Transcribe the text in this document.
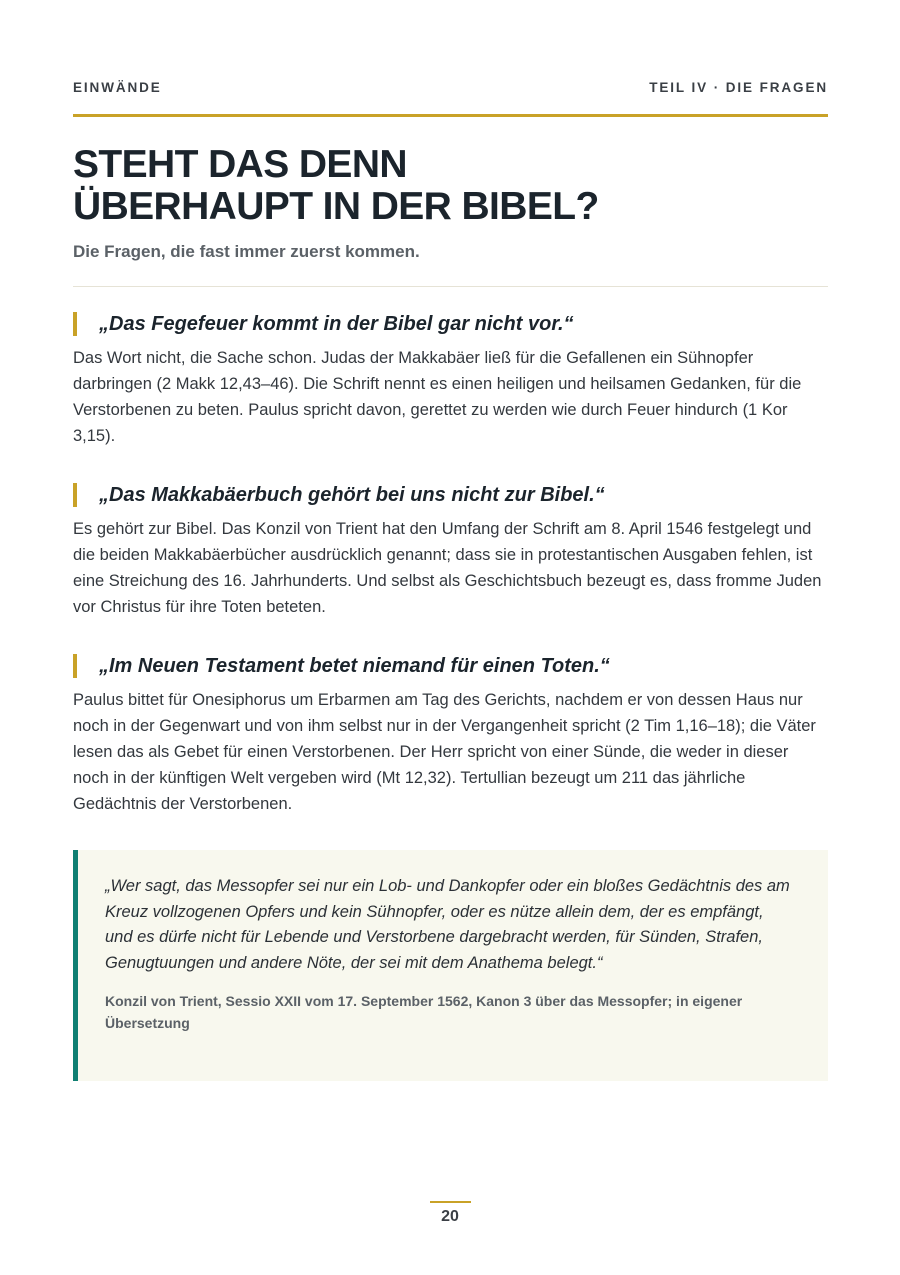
EINWÄNDE	TEIL IV · DIE FRAGEN
STEHT DAS DENN
ÜBERHAUPT IN DER BIBEL?

Die Fragen, die fast immer zuerst kommen.

„Das Fegefeuer kommt in der Bibel gar nicht vor.“

Das Wort nicht, die Sache schon. Judas der Makkabäer ließ für die Gefallenen ein Sühnopfer darbringen (2 Makk 12,43–46). Die Schrift nennt es einen heiligen und heilsamen Gedanken, für die Verstorbenen zu beten. Paulus spricht davon, gerettet zu werden wie durch Feuer hindurch (1 Kor 3,15).

„Das Makkabäerbuch gehört bei uns nicht zur Bibel.“

Es gehört zur Bibel. Das Konzil von Trient hat den Umfang der Schrift am 8. April 1546 festgelegt und die beiden Makkabäerbücher ausdrücklich genannt; dass sie in protestantischen Ausgaben fehlen, ist eine Streichung des 16. Jahrhunderts. Und selbst als Geschichtsbuch bezeugt es, dass fromme Juden vor Christus für ihre Toten beteten.

„Im Neuen Testament betet niemand für einen Toten.“

Paulus bittet für Onesiphorus um Erbarmen am Tag des Gerichts, nachdem er von dessen Haus nur noch in der Gegenwart und von ihm selbst nur in der Vergangenheit spricht (2 Tim 1,16–18); die Väter lesen das als Gebet für einen Verstorbenen. Der Herr spricht von einer Sünde, die weder in dieser noch in der künftigen Welt vergeben wird (Mt 12,32). Tertullian bezeugt um 211 das jährliche Gedächtnis der Verstorbenen.

„Wer sagt, das Messopfer sei nur ein Lob- und Dankopfer oder ein bloßes Gedächtnis des am Kreuz vollzogenen Opfers und kein Sühnopfer, oder es nütze allein dem, der es empfängt, und es dürfe nicht für Lebende und Verstorbene dargebracht werden, für Sünden, Strafen, Genugtuungen und andere Nöte, der sei mit dem Anathema belegt.“

Konzil von Trient, Sessio XXII vom 17. September 1562, Kanon 3 über das Messopfer; in eigener Übersetzung

20
